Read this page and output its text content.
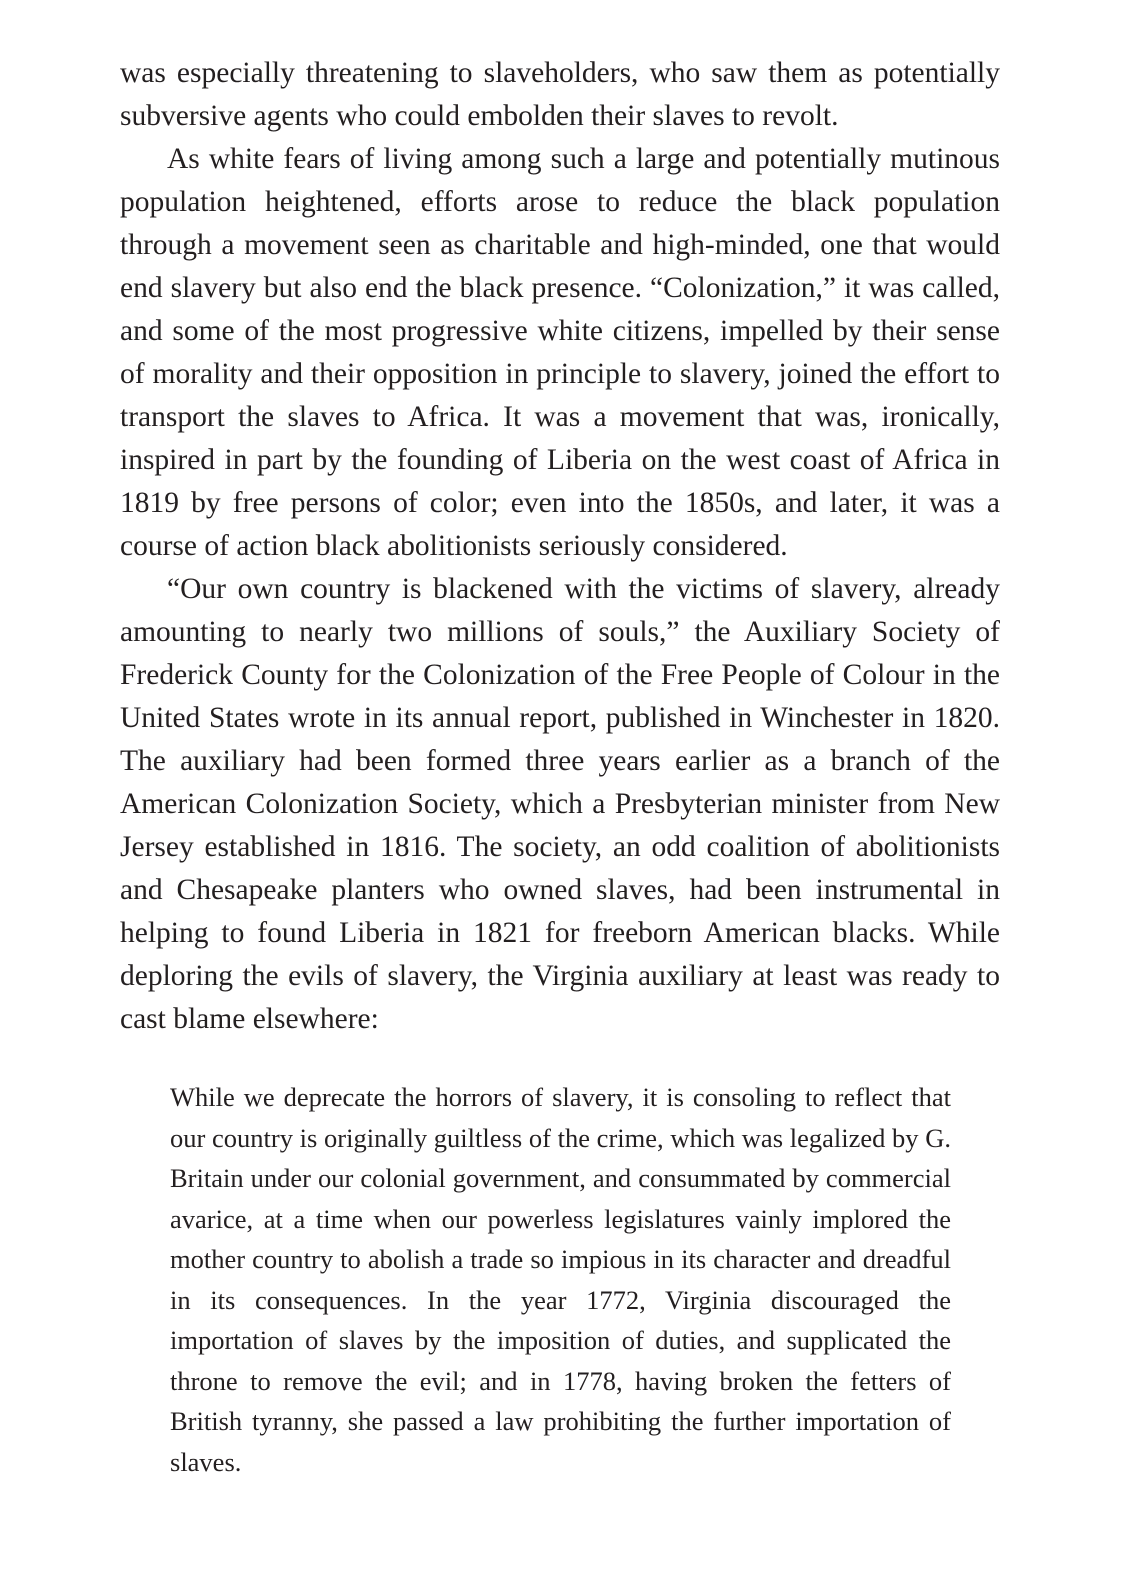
was especially threatening to slaveholders, who saw them as potentially subversive agents who could embolden their slaves to revolt.

As white fears of living among such a large and potentially mutinous population heightened, efforts arose to reduce the black population through a movement seen as charitable and high-minded, one that would end slavery but also end the black presence. “Colonization,” it was called, and some of the most progressive white citizens, impelled by their sense of morality and their opposition in principle to slavery, joined the effort to transport the slaves to Africa. It was a movement that was, ironically, inspired in part by the founding of Liberia on the west coast of Africa in 1819 by free persons of color; even into the 1850s, and later, it was a course of action black abolitionists seriously considered.

“Our own country is blackened with the victims of slavery, already amounting to nearly two millions of souls,” the Auxiliary Society of Frederick County for the Colonization of the Free People of Colour in the United States wrote in its annual report, published in Winchester in 1820. The auxiliary had been formed three years earlier as a branch of the American Colonization Society, which a Presbyterian minister from New Jersey established in 1816. The society, an odd coalition of abolitionists and Chesapeake planters who owned slaves, had been instrumental in helping to found Liberia in 1821 for freeborn American blacks. While deploring the evils of slavery, the Virginia auxiliary at least was ready to cast blame elsewhere:

While we deprecate the horrors of slavery, it is consoling to reflect that our country is originally guiltless of the crime, which was legalized by G. Britain under our colonial government, and consummated by commercial avarice, at a time when our powerless legislatures vainly implored the mother country to abolish a trade so impious in its character and dreadful in its consequences. In the year 1772, Virginia discouraged the importation of slaves by the imposition of duties, and supplicated the throne to remove the evil; and in 1778, having broken the fetters of British tyranny, she passed a law prohibiting the further importation of slaves.
